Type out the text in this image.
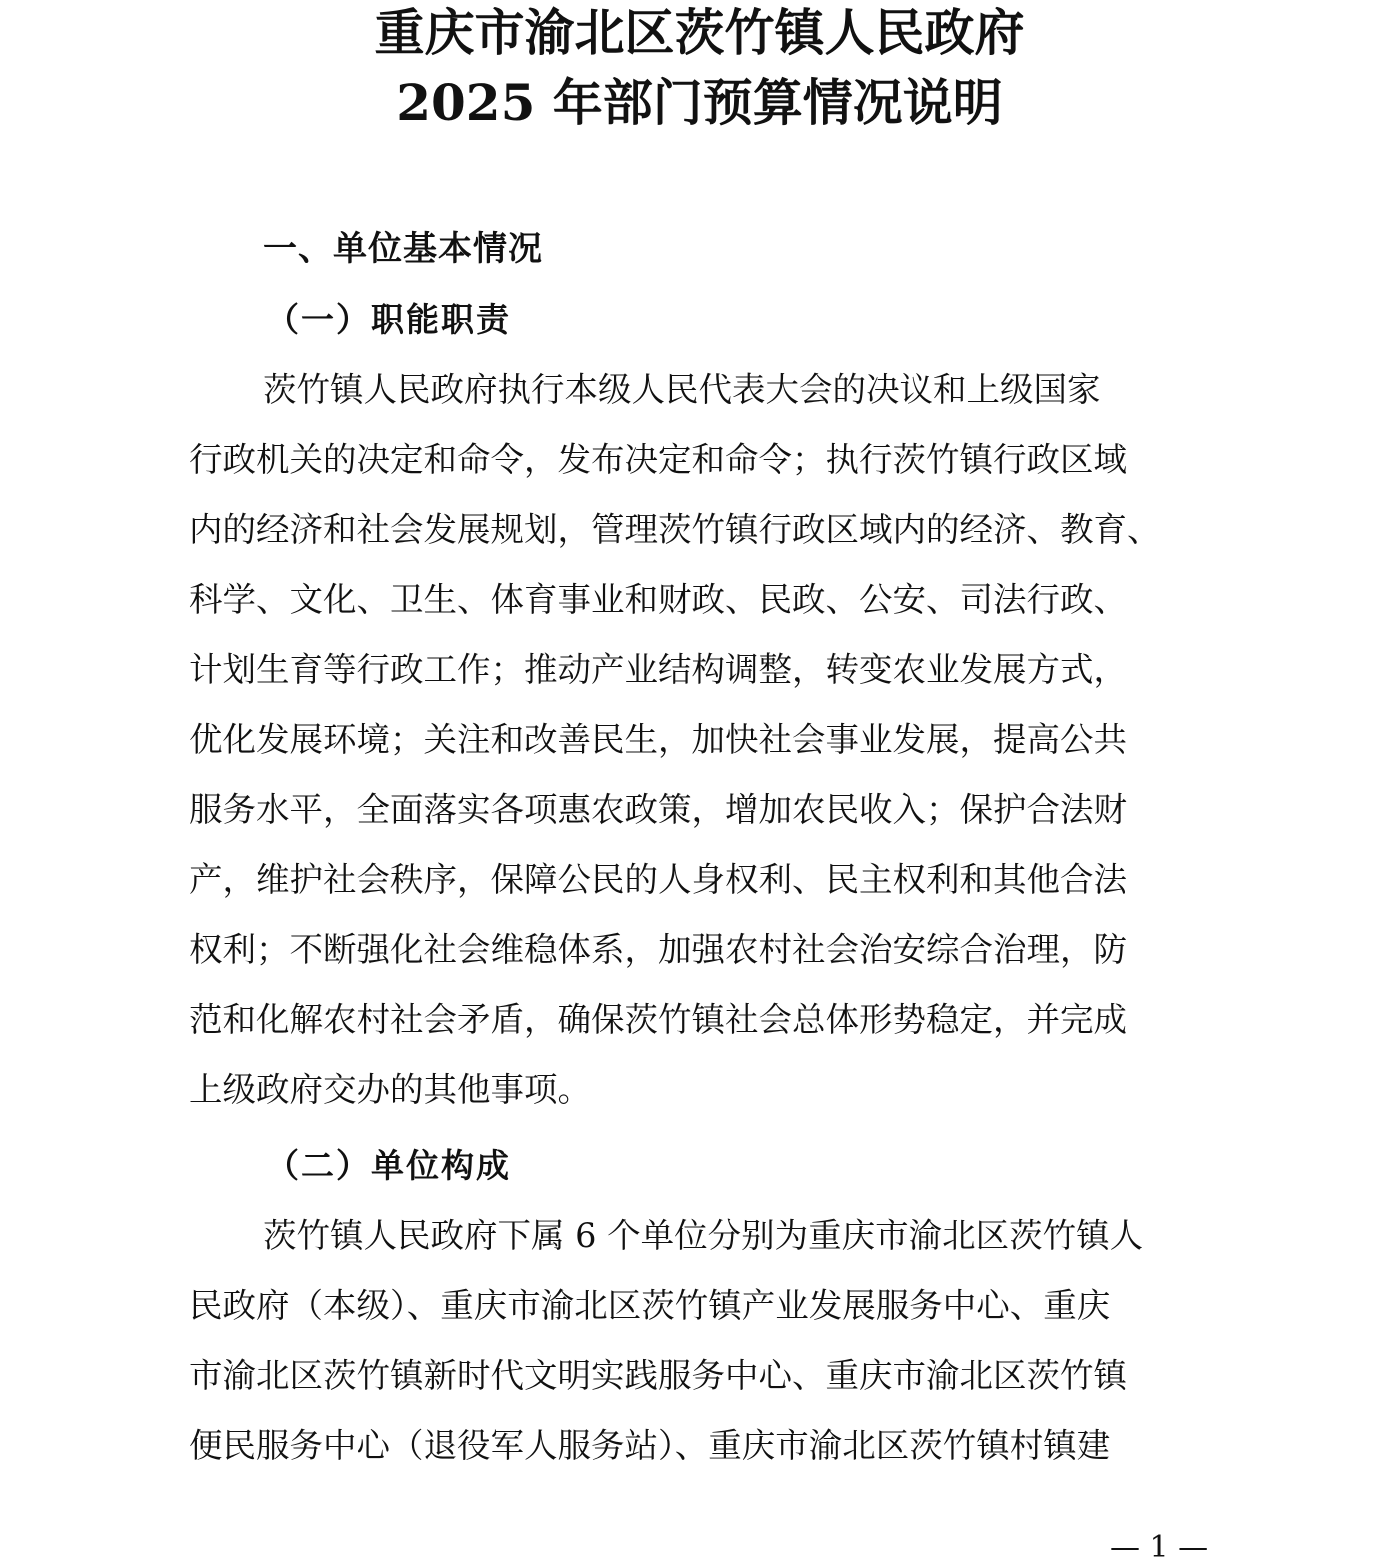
重庆市渝北区茨竹镇人民政府
2025 年部门预算情况说明
一、单位基本情况
（一）职能职责

茨竹镇人民政府执行本级人民代表大会的决议和上级国家

行政机关的决定和命令，发布决定和命令；执行茨竹镇行政区域

内的经济和社会发展规划，管理茨竹镇行政区域内的经济、教育、

科学、文化、卫生、体育事业和财政、民政、公安、司法行政、

计划生育等行政工作；推动产业结构调整，转变农业发展方式，

优化发展环境；关注和改善民生，加快社会事业发展，提高公共

服务水平，全面落实各项惠农政策，增加农民收入；保护合法财

产，维护社会秩序，保障公民的人身权利、民主权利和其他合法

权利；不断强化社会维稳体系，加强农村社会治安综合治理，防

范和化解农村社会矛盾，确保茨竹镇社会总体形势稳定，并完成

上级政府交办的其他事项。

（二）单位构成

茨竹镇人民政府下属 6 个单位分别为重庆市渝北区茨竹镇人

民政府（本级）、重庆市渝北区茨竹镇产业发展服务中心、重庆

市渝北区茨竹镇新时代文明实践服务中心、重庆市渝北区茨竹镇

便民服务中心（退役军人服务站）、重庆市渝北区茨竹镇村镇建

— 1 —
